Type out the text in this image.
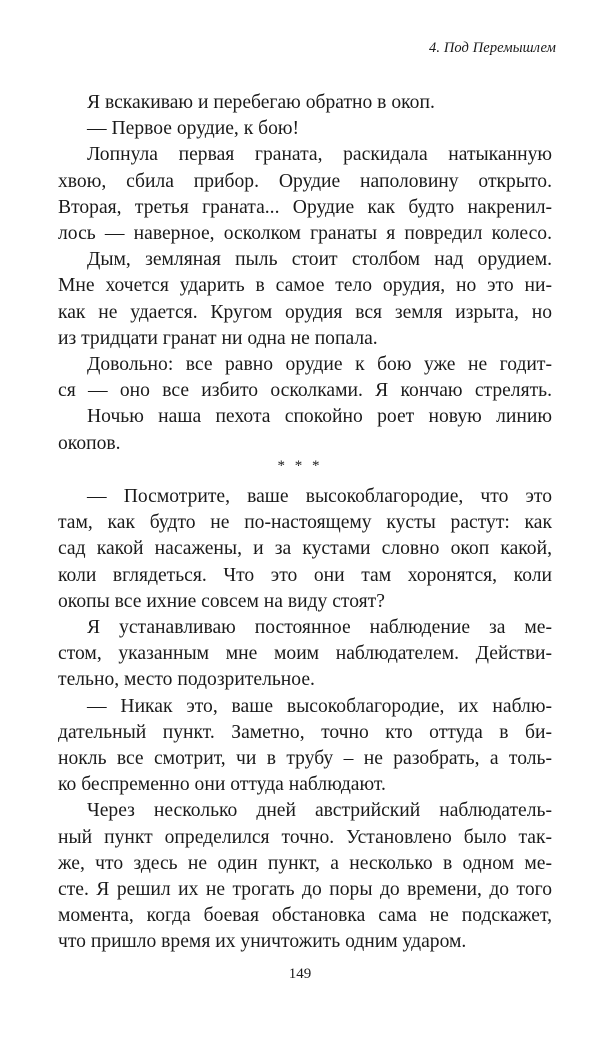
4. Под Перемышлем
Я вскакиваю и перебегаю обратно в окоп.
— Первое орудие, к бою!
Лопнула первая граната, раскидала натыканную
хвою, сбила прибор. Орудие наполовину открыто.
Вторая, третья граната... Орудие как будто накренил-
лось — наверное, осколком гранаты я повредил колесо.
Дым, земляная пыль стоит столбом над орудием.
Мне хочется ударить в самое тело орудия, но это ни-
как не удается. Кругом орудия вся земля изрыта, но
из тридцати гранат ни одна не попала.
Довольно: все равно орудие к бою уже не годит-
ся — оно все избито осколками. Я кончаю стрелять.
Ночью наша пехота спокойно роет новую линию
окопов.
* * *
— Посмотрите, ваше высокоблагородие, что это
там, как будто не по-настоящему кусты растут: как
сад какой насажены, и за кустами словно окоп какой,
коли вглядеться. Что это они там хоронятся, коли
окопы все ихние совсем на виду стоят?
Я устанавливаю постоянное наблюдение за ме-
стом, указанным мне моим наблюдателем. Действи-
тельно, место подозрительное.
— Никак это, ваше высокоблагородие, их наблю-
дательный пункт. Заметно, точно кто оттуда в би-
нокль все смотрит, чи в трубу – не разобрать, а толь-
ко беспременно они оттуда наблюдают.
Через несколько дней австрийский наблюдатель-
ный пункт определился точно. Установлено было так-
же, что здесь не один пункт, а несколько в одном ме-
сте. Я решил их не трогать до поры до времени, до того
момента, когда боевая обстановка сама не подскажет,
что пришло время их уничтожить одним ударом.
149
